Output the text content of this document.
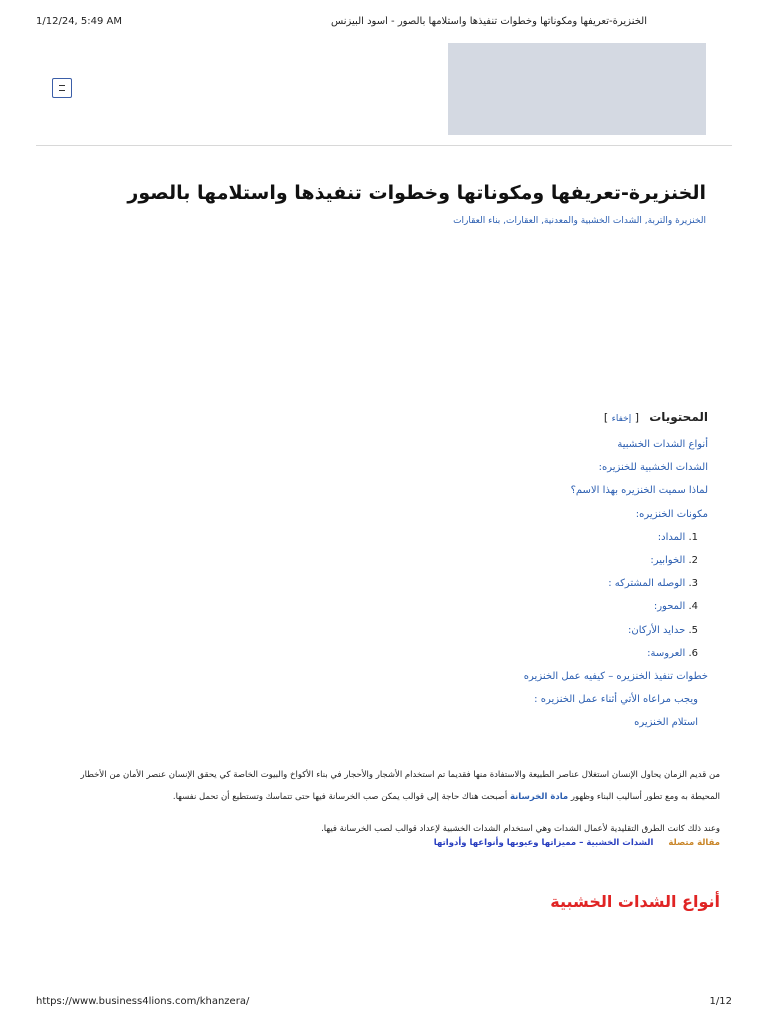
1/12/24, 5:49 AM	الخنزيرة-تعريفها ومكوناتها وخطوات تنفيذها واستلامها بالصور - أسود البيزنس
الخنزيرة-تعريفها ومكوناتها وخطوات تنفيذها واستلامها بالصور
الخنزيرة والتربة, الشدات الخشبية والمعدنية, العقارات, بناء العقارات
المحتويات [ إخفاء ]
أنواع الشدات الخشبية
الشدات الخشبية للخنزيره:
لماذا سميت الخنزيره بهذا الاسم؟
مكونات الخنزيره:
1. المداد:
2. الخوابير:
3. الوصله المشتركه :
4. المحور:
5. حدايد الأركان:
6. العروسة:
خطوات تنفيذ الخنزيره – كيفيه عمل الخنزيره
ويجب مراعاه الأتي أثناء عمل الخنزيره :
استلام الخنزيره

من قديم الزمان يحاول الإنسان استغلال عناصر الطبيعة والاستفادة منها فقديما تم استخدام الأشجار والأحجار في بناء الأكواخ والبيوت الخاصة كي يحقق الإنسان عنصر الأمان من الأخطار المحيطة به ومع تطور أساليب البناء وظهور مادة الخرسانة أصبحت هناك حاجة إلى قوالب يمكن صب الخرسانة فيها حتى تتماسك وتستطيع أن تحمل نفسها.

وعند ذلك كانت الطرق التقليدية لأعمال الشدات وهي استخدام الشدات الخشبية لإعداد قوالب لصب الخرسانة فيها.

مقالة متصلة الشدات الخشبية – مميزاتها وعيوبها وأنواعها وأدواتها
أنواع الشدات الخشبية
https://www.business4lions.com/khanzera/	1/12
